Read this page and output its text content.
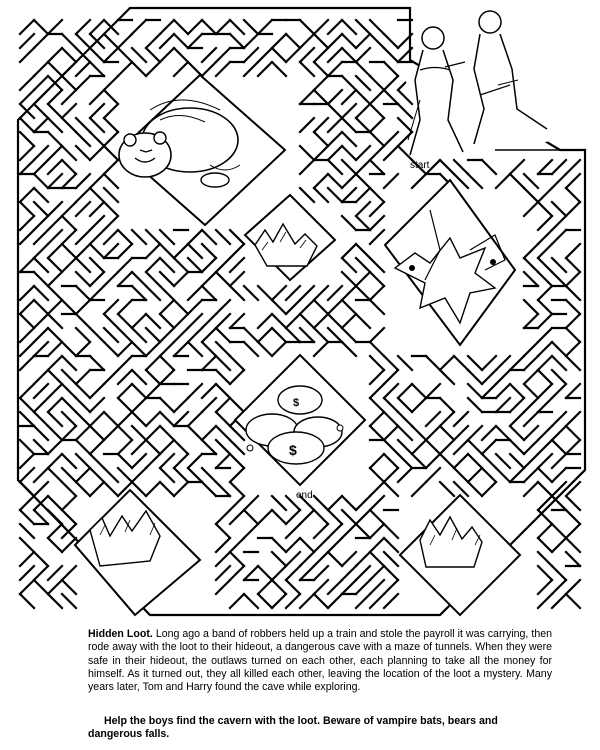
$
$
start
end

Hidden Loot. Long ago a band of robbers held up a train and stole the payroll it was carrying, then rode away with the loot to their hideout, a dangerous cave with a maze of tunnels. When they were safe in their hideout, the outlaws turned on each other, each planning to take all the money for himself. As it turned out, they all killed each other, leaving the location of the loot a mystery. Many years later, Tom and Harry found the cave while exploring.

Help the boys find the cavern with the loot. Beware of vampire bats, bears and dangerous falls.
